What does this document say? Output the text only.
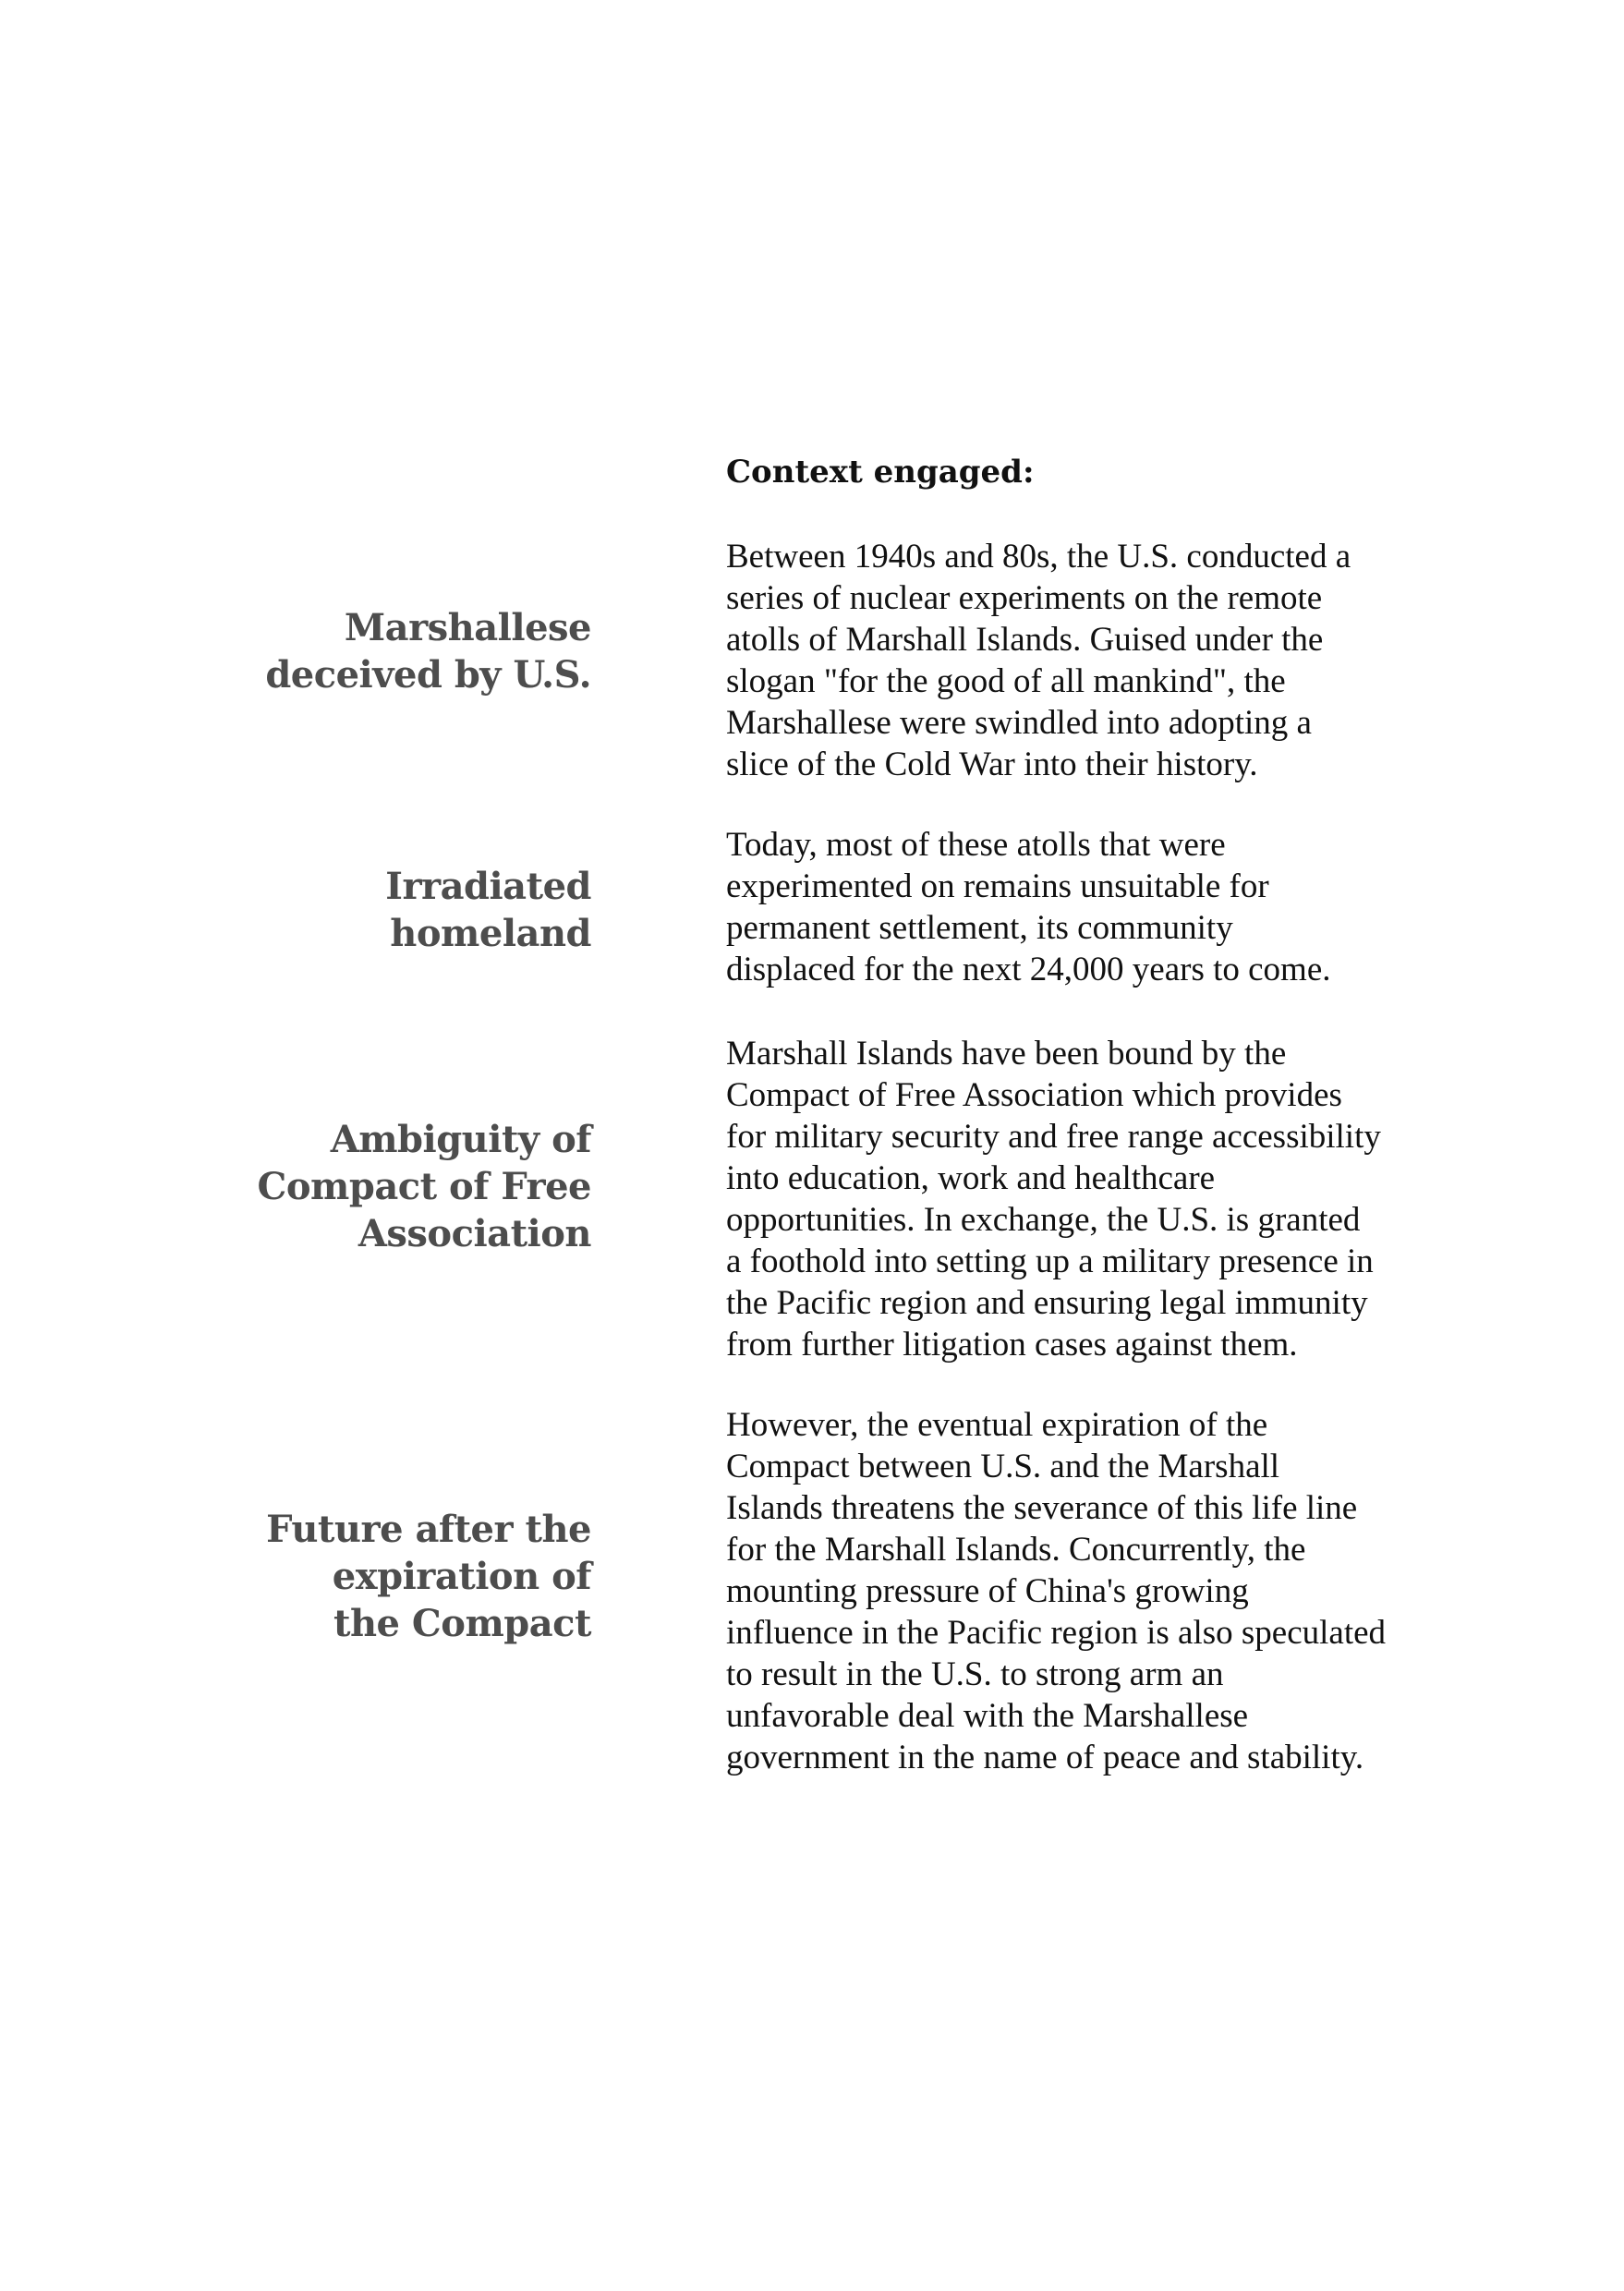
Context engaged:
Marshallese
deceived by U.S.
Between 1940s and 80s, the U.S. conducted a
series of nuclear experiments on the remote
atolls of Marshall Islands. Guised under the
slogan "for the good of all mankind", the
Marshallese were swindled into adopting a
slice of the Cold War into their history.
Irradiated
homeland
Today, most of these atolls that were
experimented on remains unsuitable for
permanent settlement, its community
displaced for the next 24,000 years to come.
Ambiguity of
Compact of Free
Association
Marshall Islands have been bound by the
Compact of Free Association which provides
for military security and free range accessibility
into education, work and healthcare
opportunities. In exchange, the U.S. is granted
a foothold into setting up a military presence in
the Pacific region and ensuring legal immunity
from further litigation cases against them.
Future after the
expiration of
the Compact
However, the eventual expiration of the
Compact between U.S. and the Marshall
Islands threatens the severance of this life line
for the Marshall Islands. Concurrently, the
mounting pressure of China's growing
influence in the Pacific region is also speculated
to result in the U.S. to strong arm an
unfavorable deal with the Marshallese
government in the name of peace and stability.
